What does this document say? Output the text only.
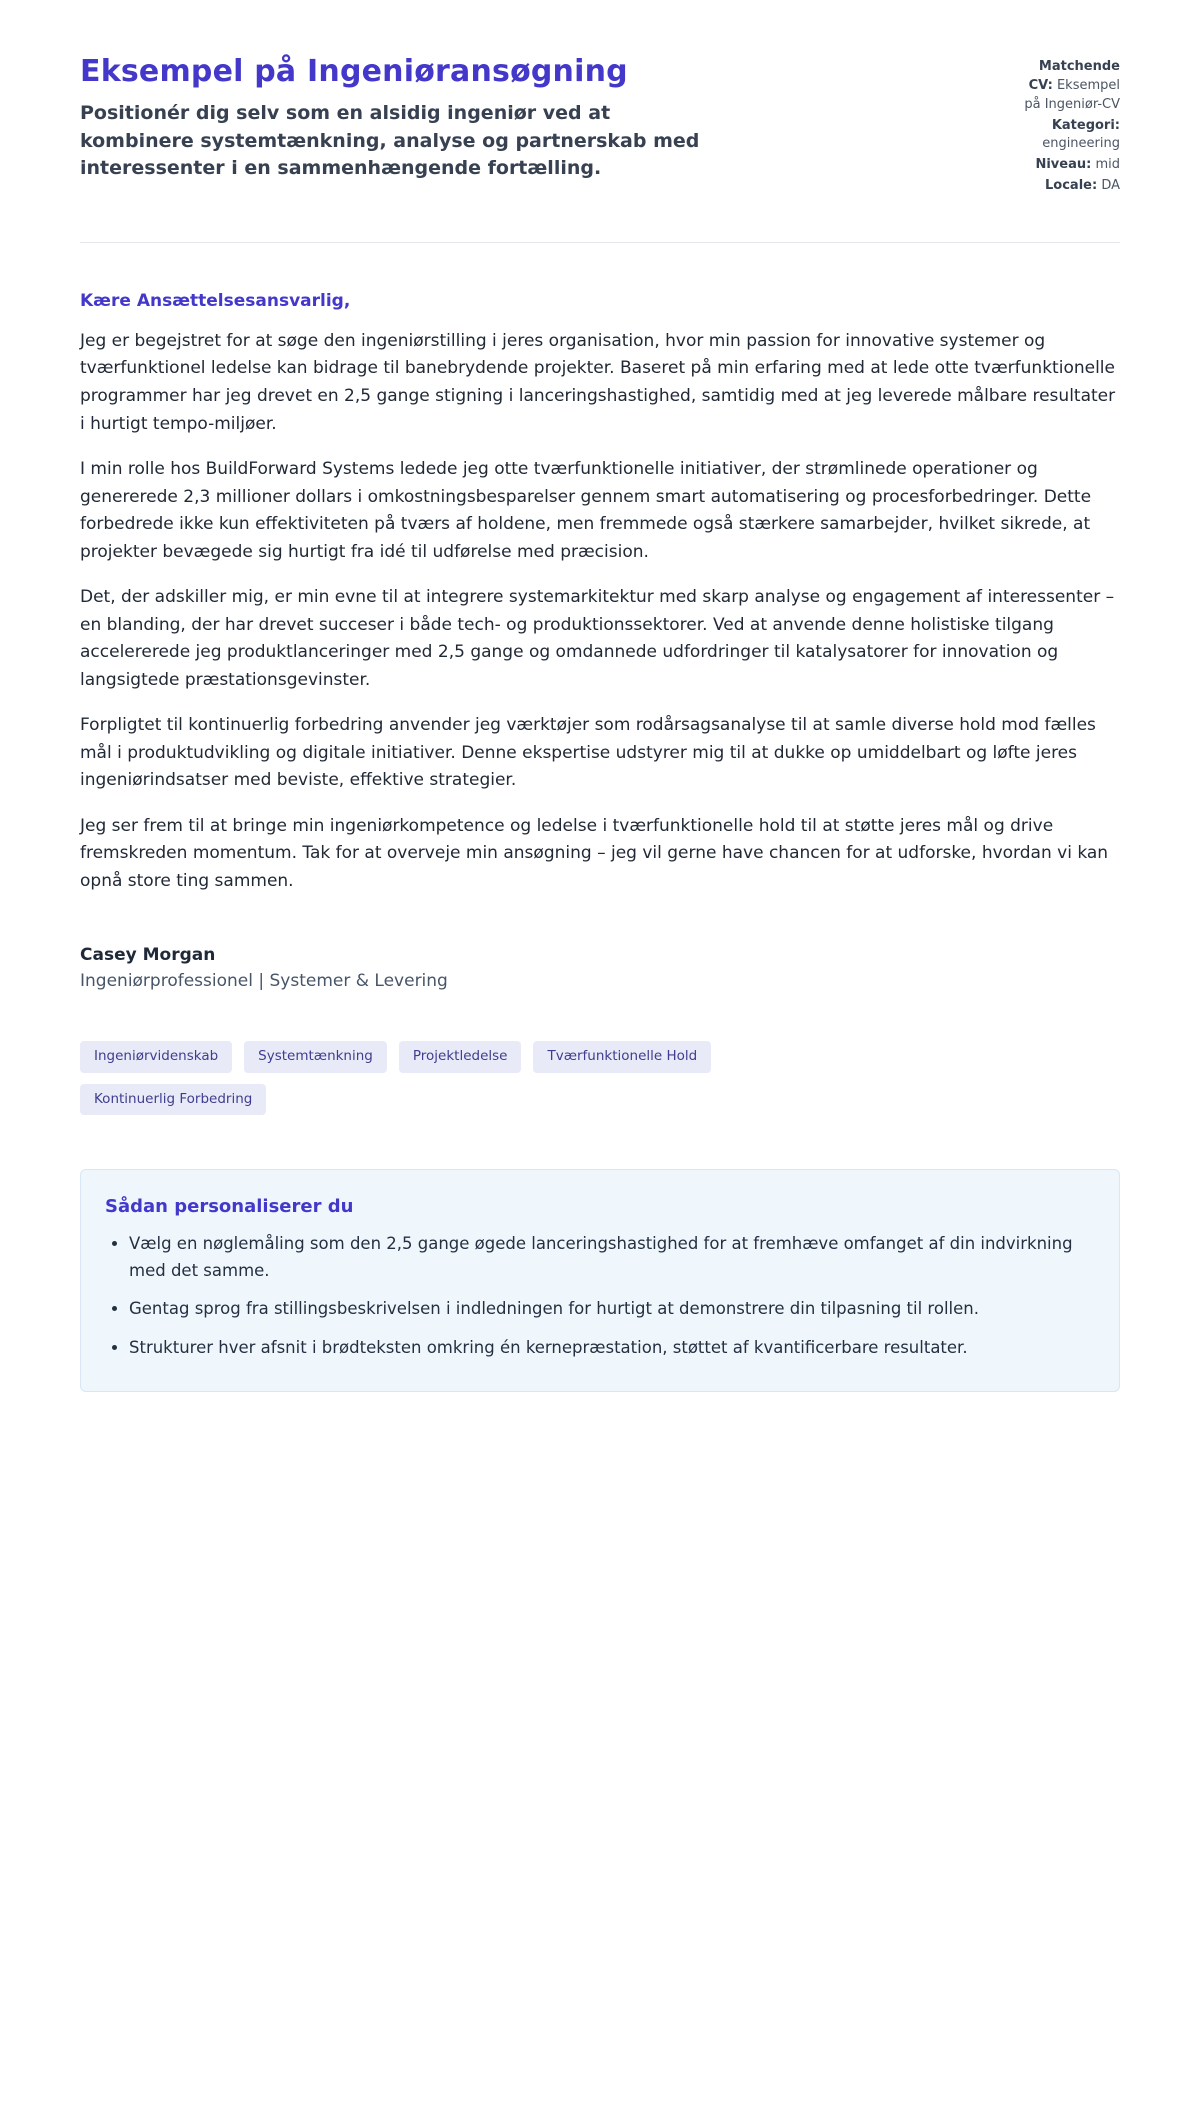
Eksempel på Ingeniøransøgning

Positionér dig selv som en alsidig ingeniør ved at kombinere systemtænkning, analyse og partnerskab med interessenter i en sammenhængende fortælling.

Matchende CV: Eksempel på Ingeniør-CV
Kategori: engineering
Niveau: mid
Locale: DA

Kære Ansættelsesansvarlig,

Jeg er begejstret for at søge den ingeniørstilling i jeres organisation, hvor min passion for innovative systemer og tværfunktionel ledelse kan bidrage til banebrydende projekter. Baseret på min erfaring med at lede otte tværfunktionelle programmer har jeg drevet en 2,5 gange stigning i lanceringshastighed, samtidig med at jeg leverede målbare resultater i hurtigt tempo-miljøer.

I min rolle hos BuildForward Systems ledede jeg otte tværfunktionelle initiativer, der strømlinede operationer og genererede 2,3 millioner dollars i omkostningsbesparelser gennem smart automatisering og procesforbedringer. Dette forbedrede ikke kun effektiviteten på tværs af holdene, men fremmede også stærkere samarbejder, hvilket sikrede, at projekter bevægede sig hurtigt fra idé til udførelse med præcision.

Det, der adskiller mig, er min evne til at integrere systemarkitektur med skarp analyse og engagement af interessenter – en blanding, der har drevet succeser i både tech- og produktionssektorer. Ved at anvende denne holistiske tilgang accelererede jeg produktlanceringer med 2,5 gange og omdannede udfordringer til katalysatorer for innovation og langsigtede præstationsgevinster.

Forpligtet til kontinuerlig forbedring anvender jeg værktøjer som rodårsagsanalyse til at samle diverse hold mod fælles mål i produktudvikling og digitale initiativer. Denne ekspertise udstyrer mig til at dukke op umiddelbart og løfte jeres ingeniørindsatser med beviste, effektive strategier.

Jeg ser frem til at bringe min ingeniørkompetence og ledelse i tværfunktionelle hold til at støtte jeres mål og drive fremskreden momentum. Tak for at overveje min ansøgning – jeg vil gerne have chancen for at udforske, hvordan vi kan opnå store ting sammen.

Casey Morgan

Ingeniørprofessionel | Systemer & Levering

Ingeniørvidenskab	Systemtænkning	Projektledelse	Tværfunktionelle Hold
Kontinuerlig Forbedring
Sådan personaliserer du
• Vælg en nøglemåling som den 2,5 gange øgede lanceringshastighed for at fremhæve omfanget af din indvirkning med det samme.
• Gentag sprog fra stillingsbeskrivelsen i indledningen for hurtigt at demonstrere din tilpasning til rollen.
• Strukturer hver afsnit i brødteksten omkring én kernepræstation, støttet af kvantificerbare resultater.
